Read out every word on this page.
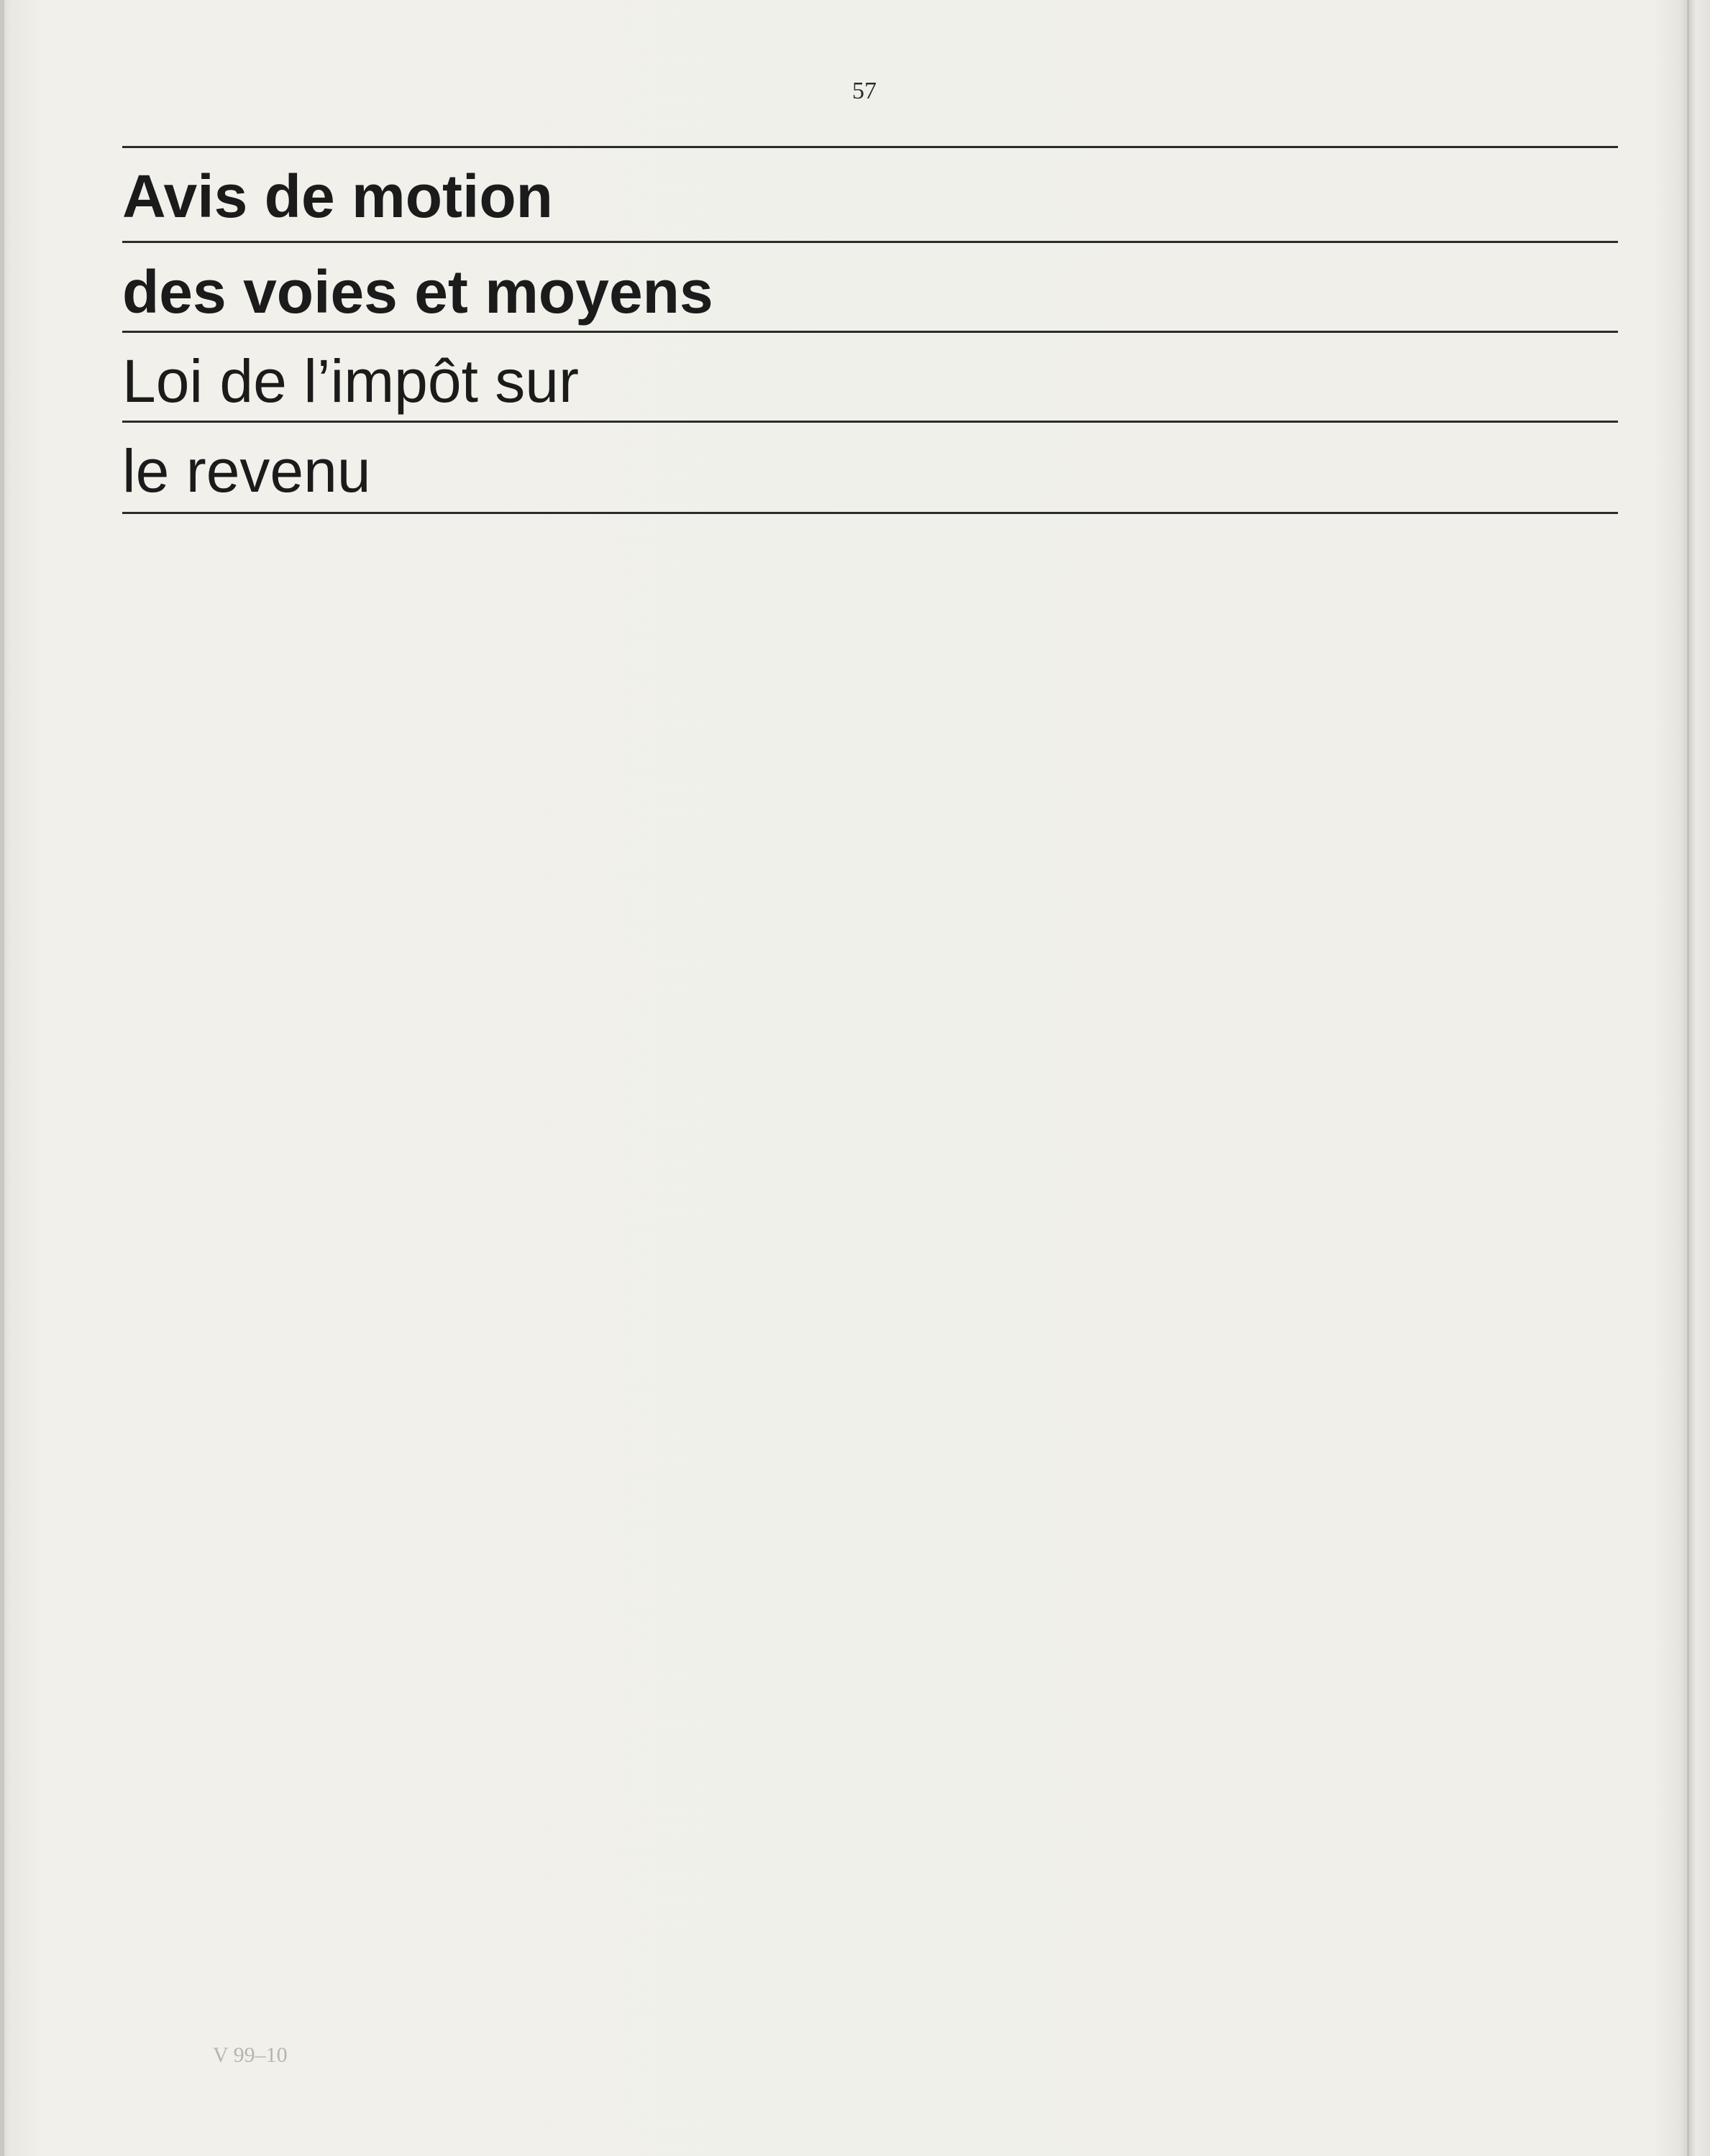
57
Avis de motion
des voies et moyens
Loi de l’impôt sur
le revenu
V 99–10
